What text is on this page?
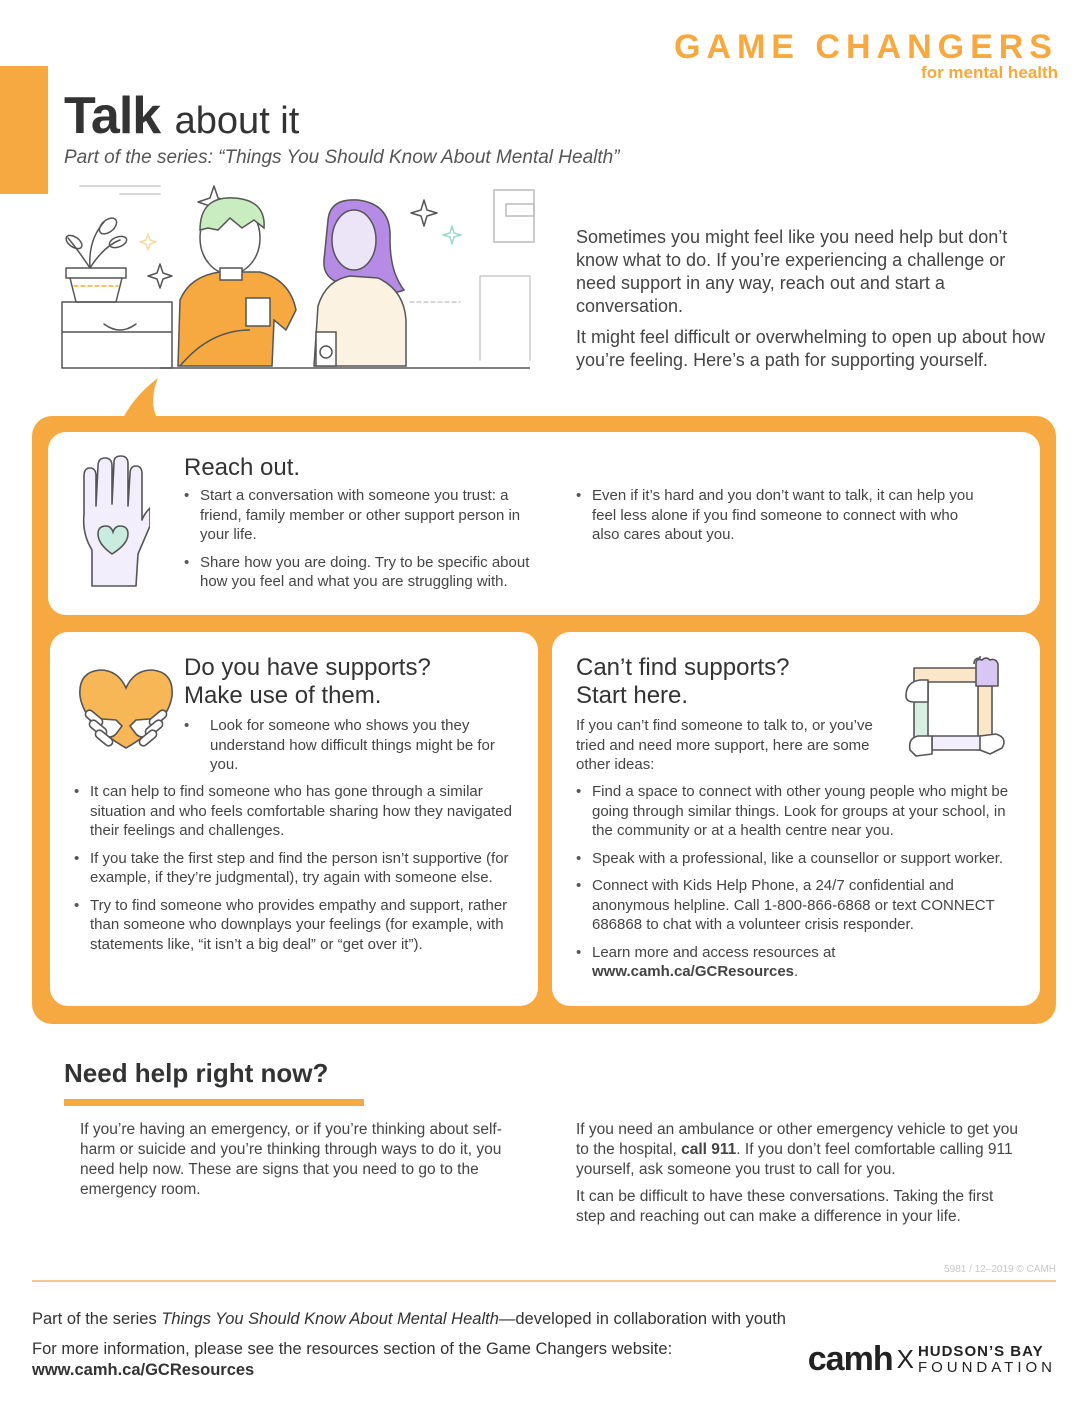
GAME CHANGERS
for mental health
Talk about it
Part of the series: “Things You Should Know About Mental Health”

Sometimes you might feel like you need help but don’t know what to do. If you’re experiencing a challenge or need support in any way, reach out and start a conversation.

It might feel difficult or overwhelming to open up about how you’re feeling. Here’s a path for supporting yourself.

Reach out.
• Start a conversation with someone you trust: a friend, family member or other support person in your life.
• Share how you are doing. Try to be specific about how you feel and what you are struggling with.
• Even if it’s hard and you don’t want to talk, it can help you feel less alone if you find someone to connect with who also cares about you.
Do you have supports?
Make use of them.
• Look for someone who shows you they understand how difficult things might be for you.
• It can help to find someone who has gone through a similar situation and who feels comfortable sharing how they navigated their feelings and challenges.
• If you take the first step and find the person isn’t supportive (for example, if they’re judgmental), try again with someone else.
• Try to find someone who provides empathy and support, rather than someone who downplays your feelings (for example, with statements like, “it isn’t a big deal” or “get over it”).
Can’t find supports?
Start here.
If you can’t find someone to talk to, or you’ve tried and need more support, here are some other ideas:
• Find a space to connect with other young people who might be going through similar things. Look for groups at your school, in the community or at a health centre near you.
• Speak with a professional, like a counsellor or support worker.
• Connect with Kids Help Phone, a 24/7 confidential and anonymous helpline. Call 1-800-866-6868 or text CONNECT 686868 to chat with a volunteer crisis responder.
• Learn more and access resources at
www.camh.ca/GCResources.
Need help right now?
If you’re having an emergency, or if you’re thinking about self-harm or suicide and you’re thinking through ways to do it, you need help now. These are signs that you need to go to the emergency room.

If you need an ambulance or other emergency vehicle to get you to the hospital, call 911. If you don’t feel comfortable calling 911 yourself, ask someone you trust to call for you.

It can be difficult to have these conversations. Taking the first step and reaching out can make a difference in your life.

5981 / 12–2019 © CAMH
Part of the series Things You Should Know About Mental Health—developed in collaboration with youth
For more information, please see the resources section of the Game Changers website:
www.camh.ca/GCResources	camh X HUDSON’S BAY
FOUNDATION
